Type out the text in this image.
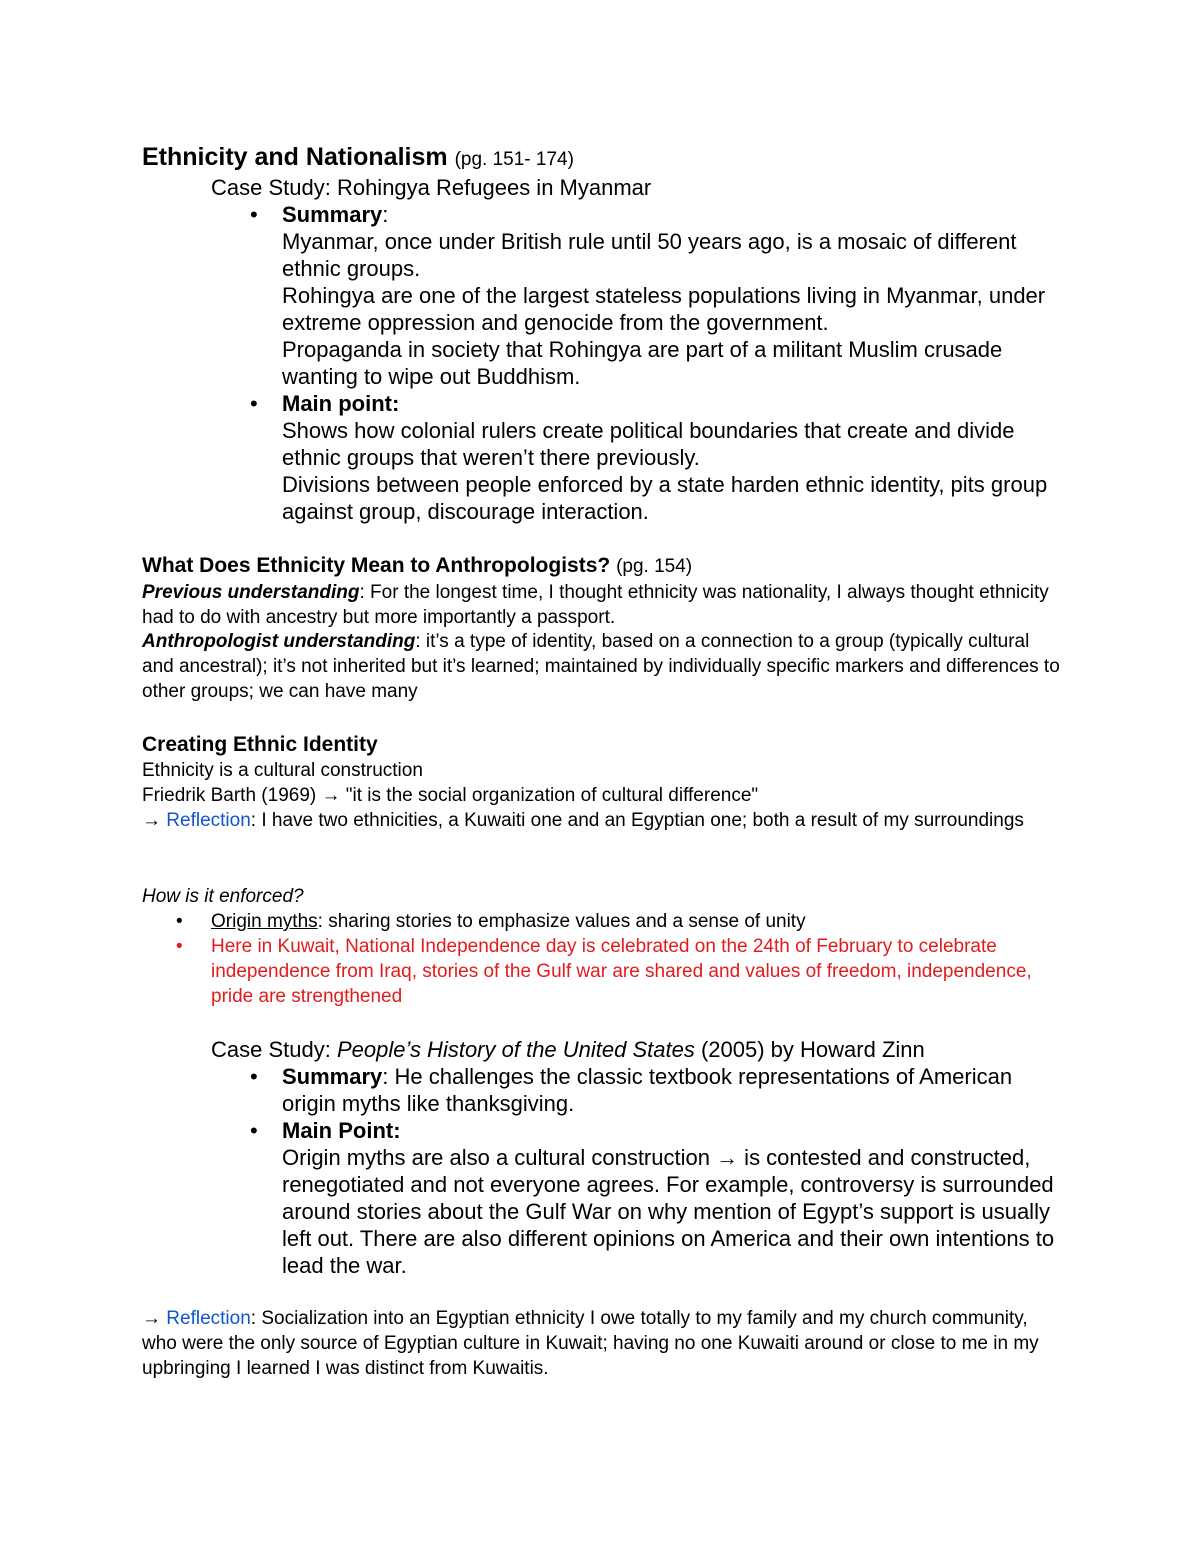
Ethnicity and Nationalism (pg. 151- 174)
Case Study: Rohingya Refugees in Myanmar
• Summary:
Myanmar, once under British rule until 50 years ago, is a mosaic of different ethnic groups.
Rohingya are one of the largest stateless populations living in Myanmar, under extreme oppression and genocide from the government.
Propaganda in society that Rohingya are part of a militant Muslim crusade wanting to wipe out Buddhism.
• Main point:
Shows how colonial rulers create political boundaries that create and divide ethnic groups that weren’t there previously.
Divisions between people enforced by a state harden ethnic identity, pits group against group, discourage interaction.
What Does Ethnicity Mean to Anthropologists? (pg. 154)
Previous understanding: For the longest time, I thought ethnicity was nationality, I always thought ethnicity had to do with ancestry but more importantly a passport.
Anthropologist understanding: it’s a type of identity, based on a connection to a group (typically cultural and ancestral); it’s not inherited but it’s learned; maintained by individually specific markers and differences to other groups; we can have many
Creating Ethnic Identity
Ethnicity is a cultural construction
Friedrik Barth (1969) → "it is the social organization of cultural difference"
→ Reflection: I have two ethnicities, a Kuwaiti one and an Egyptian one; both a result of my surroundings
How is it enforced?
• Origin myths: sharing stories to emphasize values and a sense of unity
• Here in Kuwait, National Independence day is celebrated on the 24th of February to celebrate independence from Iraq, stories of the Gulf war are shared and values of freedom, independence, pride are strengthened
Case Study: People’s History of the United States (2005) by Howard Zinn
• Summary: He challenges the classic textbook representations of American origin myths like thanksgiving.
• Main Point:
Origin myths are also a cultural construction → is contested and constructed, renegotiated and not everyone agrees. For example, controversy is surrounded around stories about the Gulf War on why mention of Egypt’s support is usually left out. There are also different opinions on America and their own intentions to lead the war.
→ Reflection: Socialization into an Egyptian ethnicity I owe totally to my family and my church community, who were the only source of Egyptian culture in Kuwait; having no one Kuwaiti around or close to me in my upbringing I learned I was distinct from Kuwaitis.
